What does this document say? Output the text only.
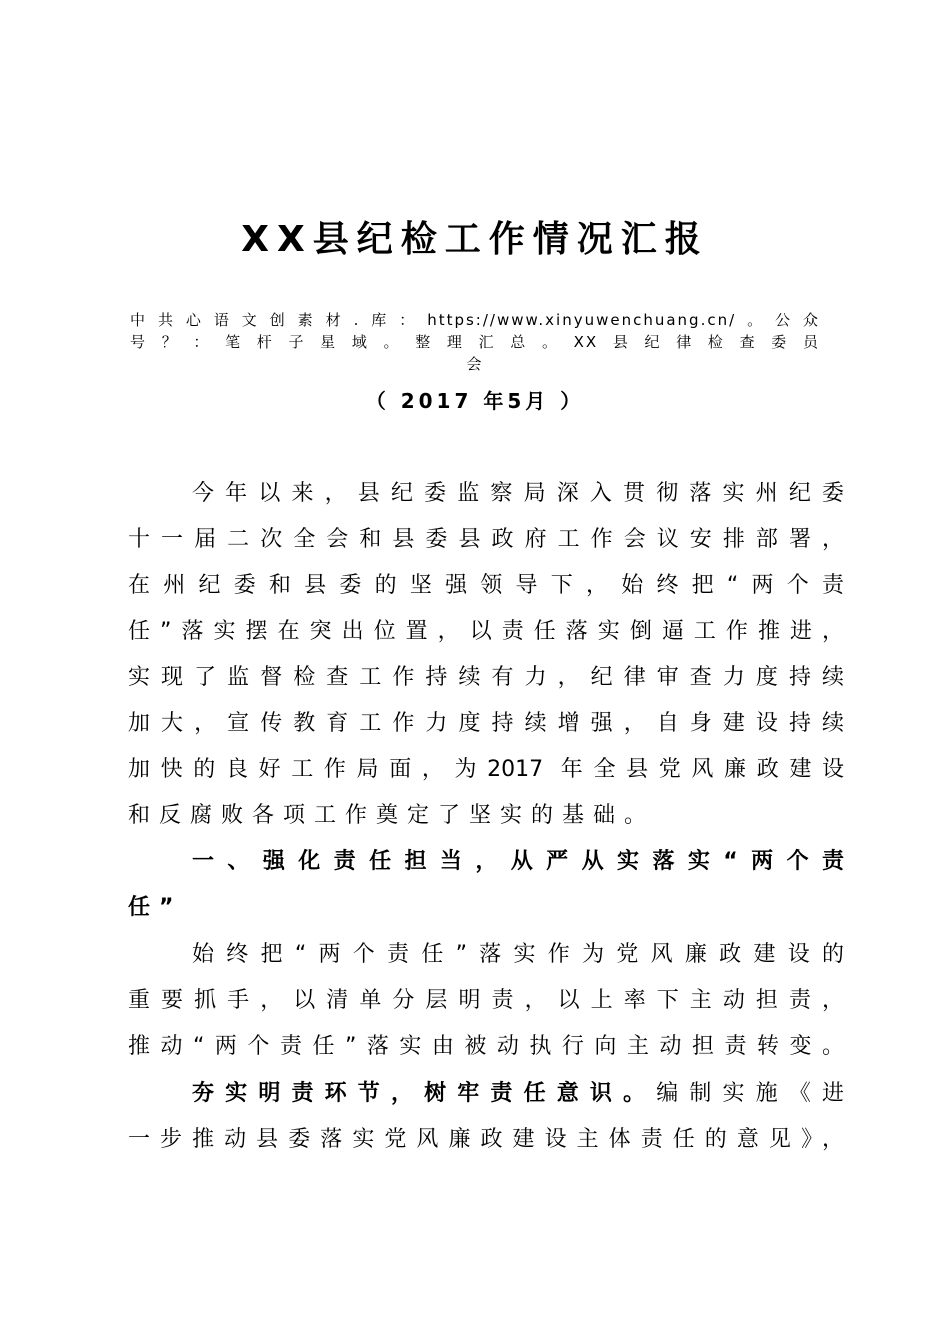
XX县纪检工作情况汇报
中共心语文创素材.库：https://www.xinyuwenchuang.cn/。公众
号？：笔杆子星域。整理汇总。XX县纪律检查委员
会
（ 2017 年5月 ）
今年以来，县纪委监察局深入贯彻落实州纪委
十一届二次全会和县委县政府工作会议安排部署，
在州纪委和县委的坚强领导下，始终把“两个责
任”落实摆在突出位置，以责任落实倒逼工作推进，
实现了监督检查工作持续有力，纪律审查力度持续
加大，宣传教育工作力度持续增强，自身建设持续
加快的良好工作局面，为2017 年全县党风廉政建设
和反腐败各项工作奠定了坚实的基础。
一、强化责任担当，从严从实落实“两个责
任”
始终把“两个责任”落实作为党风廉政建设的
重要抓手，以清单分层明责，以上率下主动担责，
推动“两个责任”落实由被动执行向主动担责转变。
夯实明责环节，树牢责任意识。编制实施《进
一步推动县委落实党风廉政建设主体责任的意见》，
